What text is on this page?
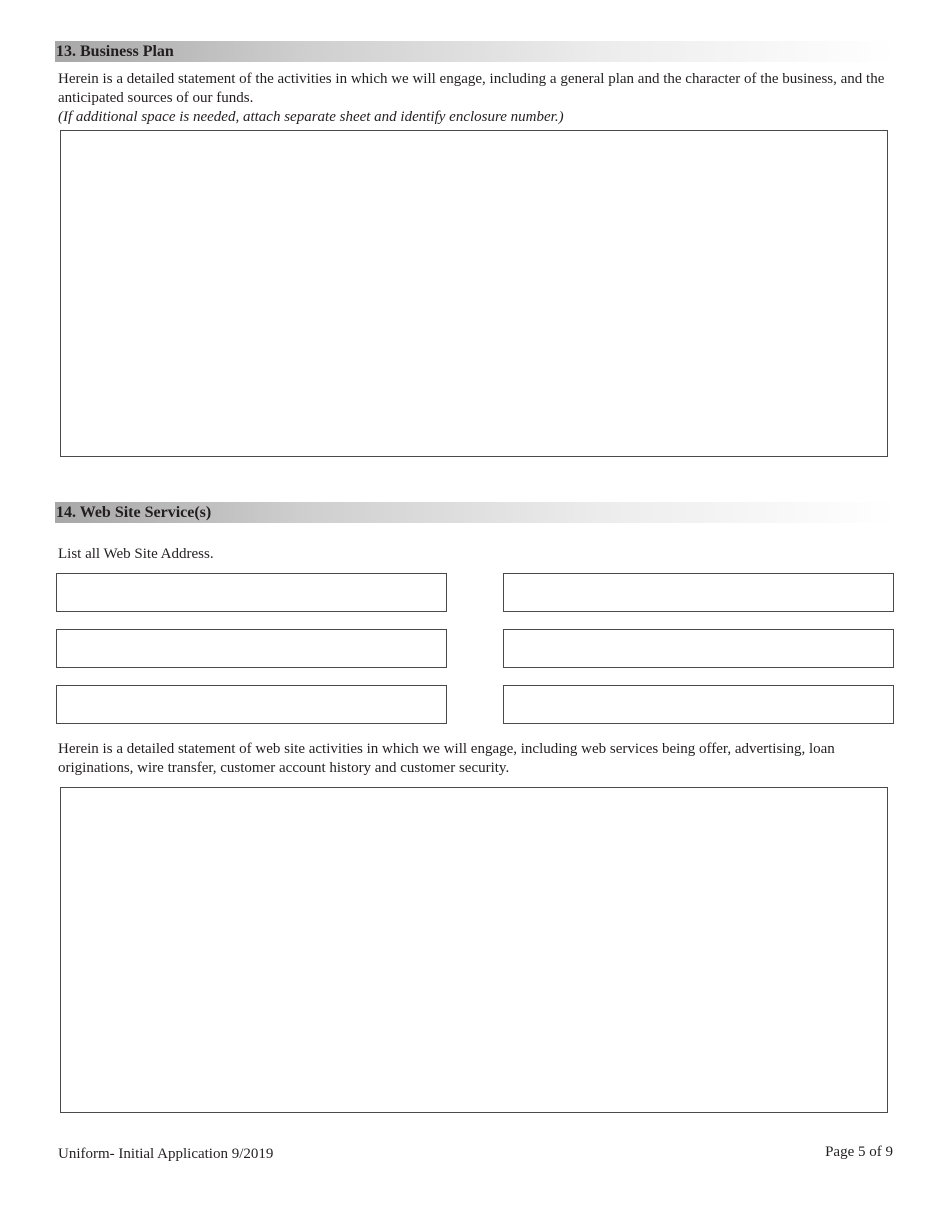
13. Business Plan

Herein is a detailed statement of the activities in which we will engage, including a general plan and the character of the business, and the anticipated sources of our funds.
(If additional space is needed, attach separate sheet and identify enclosure number.)

14. Web Site Service(s)

List all Web Site Address.

Herein is a detailed statement of web site activities in which we will engage, including web services being offer, advertising, loan originations, wire transfer, customer account history and customer security.

Uniform- Initial Application 9/2019	Page 5 of 9
